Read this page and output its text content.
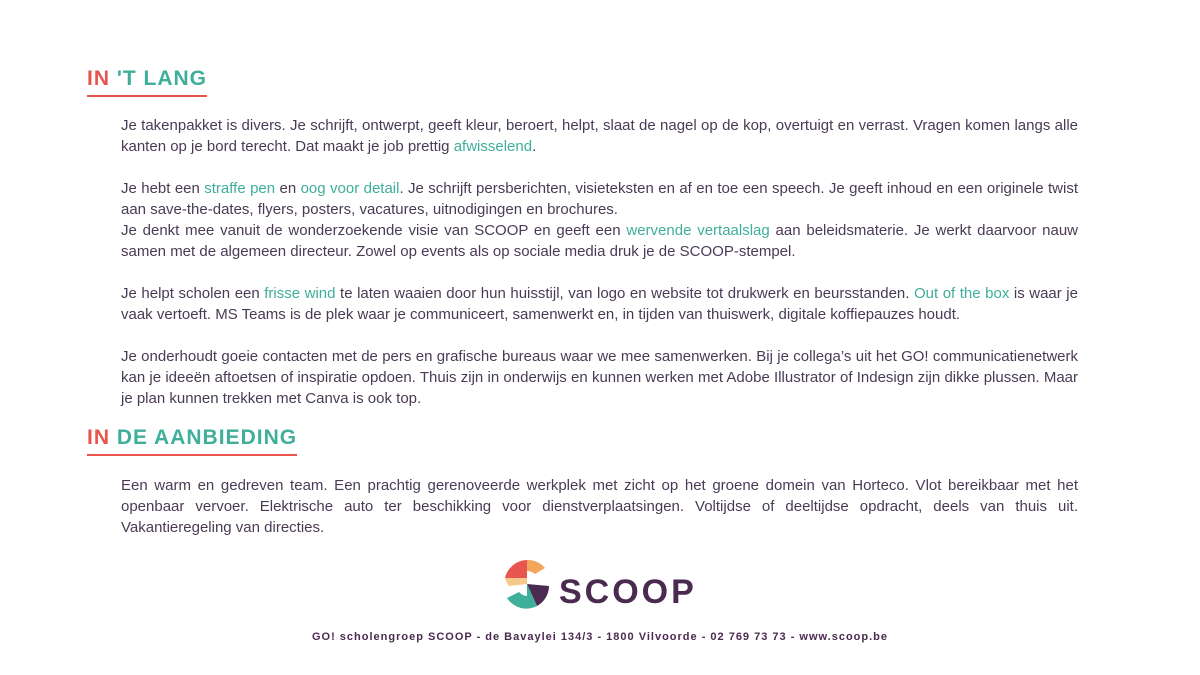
IN 'T LANG

Je takenpakket is divers. Je schrijft, ontwerpt, geeft kleur, beroert, helpt, slaat de nagel op de kop, overtuigt en verrast. Vragen komen langs alle kanten op je bord terecht. Dat maakt je job prettig afwisselend.

Je hebt een straffe pen en oog voor detail. Je schrijft persberichten, visieteksten en af en toe een speech. Je geeft inhoud en een originele twist aan save-the-dates, flyers, posters, vacatures, uitnodigingen en brochures.

Je denkt mee vanuit de wonderzoekende visie van SCOOP en geeft een wervende vertaalslag aan beleidsmaterie. Je werkt daarvoor nauw samen met de algemeen directeur. Zowel op events als op sociale media druk je de SCOOP-stempel.

Je helpt scholen een frisse wind te laten waaien door hun huisstijl, van logo en website tot drukwerk en beursstanden. Out of the box is waar je vaak vertoeft. MS Teams is de plek waar je communiceert, samenwerkt en, in tijden van thuiswerk, digitale koffiepauzes houdt.

Je onderhoudt goeie contacten met de pers en grafische bureaus waar we mee samenwerken. Bij je collega’s uit het GO! communicatienetwerk kan je ideeën aftoetsen of inspiratie opdoen. Thuis zijn in onderwijs en kunnen werken met Adobe Illustrator of Indesign zijn dikke plussen. Maar je plan kunnen trekken met Canva is ook top.

IN DE AANBIEDING

Een warm en gedreven team. Een prachtig gerenoveerde werkplek met zicht op het groene domein van Horteco. Vlot bereikbaar met het openbaar vervoer. Elektrische auto ter beschikking voor dienstverplaatsingen. Voltijdse of deeltijdse opdracht, deels van thuis uit. Vakantieregeling van directies.

SCOOP
GO! scholengroep SCOOP - de Bavaylei 134/3 - 1800 Vilvoorde - 02 769 73 73 - www.scoop.be
